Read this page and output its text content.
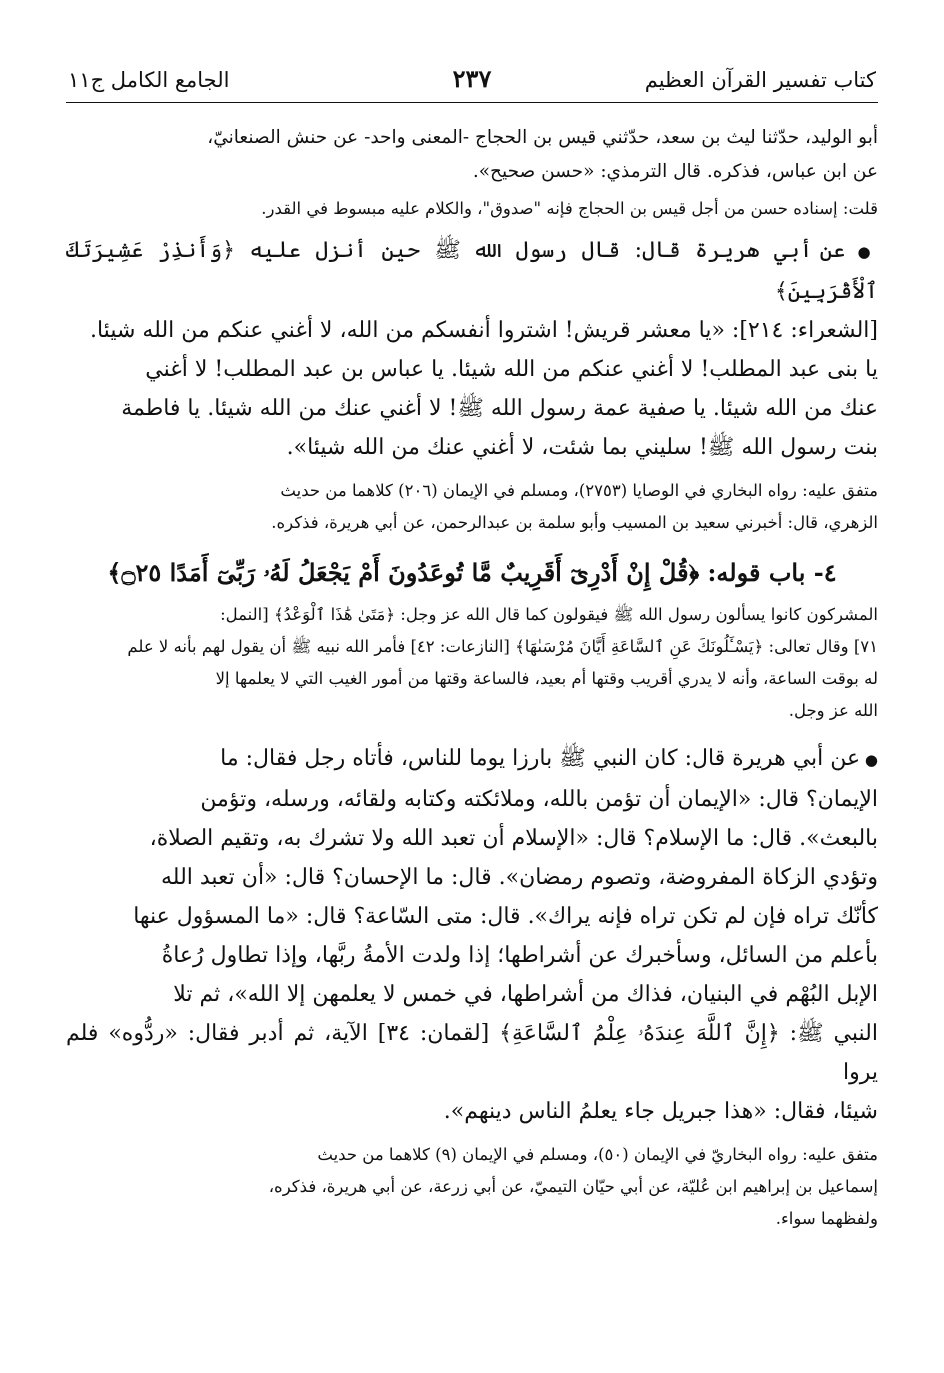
كتاب تفسير القرآن العظيم
٢٣٧
الجامع الكامل ج١١
أبو الوليد، حدّثنا ليث بن سعد، حدّثني قيس بن الحجاج -المعنى واحد- عن حنش الصنعانيّ،
عن ابن عباس، فذكره. قال الترمذي: «حسن صحيح».
قلت: إسناده حسن من أجل قيس بن الحجاج فإنه "صدوق"، والكلام عليه مبسوط في القدر.
● عن أبي هريرة قال: قال رسول الله ﷺ حين أنزل عليه ﴿وَأَنذِرْ عَشِيرَتَكَ ٱلْأَقْرَبِينَ﴾
[الشعراء: ٢١٤]: «يا معشر قريش! اشتروا أنفسكم من الله، لا أغني عنكم من الله شيئا.
يا بنى عبد المطلب! لا أغني عنكم من الله شيئا. يا عباس بن عبد المطلب! لا أغني
عنك من الله شيئا. يا صفية عمة رسول الله ﷺ! لا أغني عنك من الله شيئا. يا فاطمة
بنت رسول الله ﷺ! سليني بما شئت، لا أغني عنك من الله شيئا».
متفق عليه: رواه البخاري في الوصايا (٢٧٥٣)، ومسلم في الإيمان (٢٠٦) كلاهما من حديث
الزهري، قال: أخبرني سعيد بن المسيب وأبو سلمة بن عبدالرحمن، عن أبي هريرة، فذكره.
٤- باب قوله: ﴿قُلْ إِنْ أَدْرِىٓ أَقَرِيبٌ مَّا تُوعَدُونَ أَمْ يَجْعَلُ لَهُۥ رَبِّىٓ أَمَدًا ۝٢٥﴾
المشركون كانوا يسألون رسول الله ﷺ فيقولون كما قال الله عز وجل: ﴿مَتَىٰ هَٰذَا ٱلْوَعْدُ﴾ [النمل:
٧١] وقال تعالى: ﴿يَسْـَٔلُونَكَ عَنِ ٱلسَّاعَةِ أَيَّانَ مُرْسَىٰهَا﴾ [النازعات: ٤٢] فأمر الله نبيه ﷺ أن يقول لهم بأنه لا علم
له بوقت الساعة، وأنه لا يدري أقريب وقتها أم بعيد، فالساعة وقتها من أمور الغيب التي لا يعلمها إلا
الله عز وجل.
● عن أبي هريرة قال: كان النبي ﷺ بارزا يوما للناس، فأتاه رجل فقال: ما
الإيمان؟ قال: «الإيمان أن تؤمن بالله، وملائكته وكتابه ولقائه، ورسله، وتؤمن
بالبعث». قال: ما الإسلام؟ قال: «الإسلام أن تعبد الله ولا تشرك به، وتقيم الصلاة،
وتؤدي الزكاة المفروضة، وتصوم رمضان». قال: ما الإحسان؟ قال: «أن تعبد الله
كأنّك تراه فإن لم تكن تراه فإنه يراك». قال: متى السّاعة؟ قال: «ما المسؤول عنها
بأعلم من السائل، وسأخبرك عن أشراطها؛ إذا ولدت الأمةُ ربَّها، وإذا تطاول رُعاةُ
الإبل البُهْم في البنيان، فذاك من أشراطها، في خمس لا يعلمهن إلا الله»، ثم تلا
النبي ﷺ: ﴿إِنَّ ٱللَّهَ عِندَهُۥ عِلْمُ ٱلسَّاعَةِ﴾ [لقمان: ٣٤] الآية، ثم أدبر فقال: «ردُّوه» فلم يروا
شيئا، فقال: «هذا جبريل جاء يعلمُ الناس دينهم».
متفق عليه: رواه البخاريّ في الإيمان (٥٠)، ومسلم في الإيمان (٩) كلاهما من حديث
إسماعيل بن إبراهيم ابن عُليّة، عن أبي حيّان التيميّ، عن أبي زرعة، عن أبي هريرة، فذكره،
ولفظهما سواء.
